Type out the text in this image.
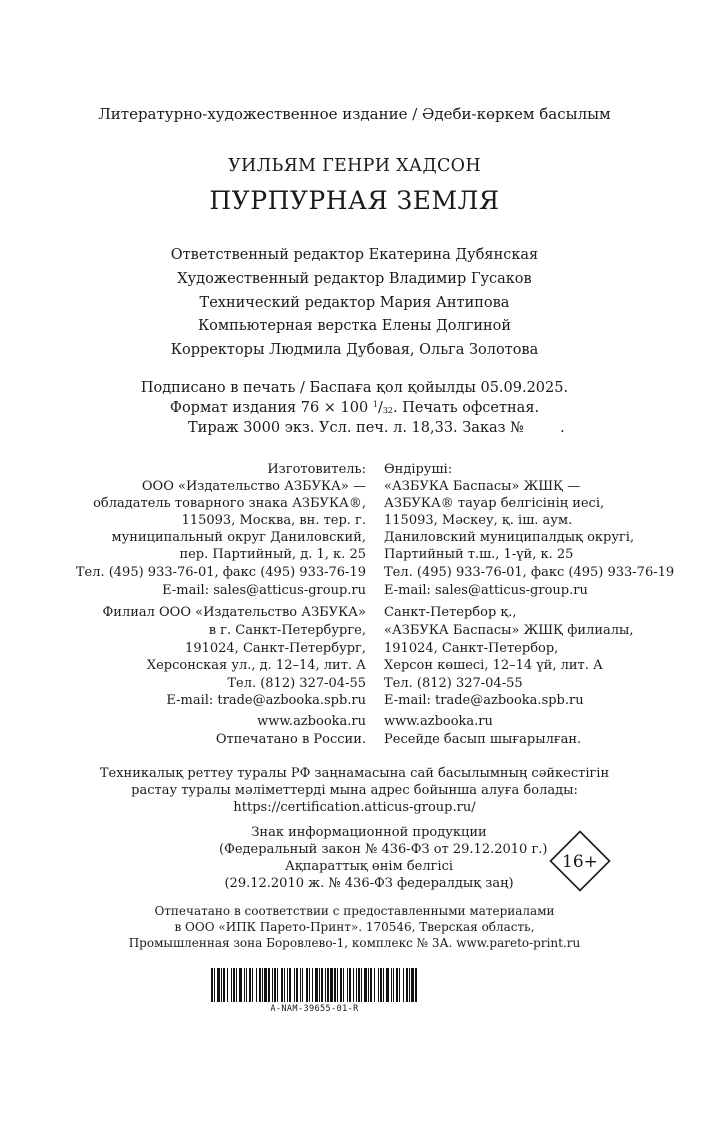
Литературно-художественное издание / Әдеби-көркем басылым
УИЛЬЯМ ГЕНРИ ХАДСОН
ПУРПУРНАЯ ЗЕМЛЯ
Ответственный редактор Екатерина Дубянская
Художественный редактор Владимир Гусаков
Технический редактор Мария Антипова
Компьютерная верстка Елены Долгиной
Корректоры Людмила Дубовая, Ольга Золотова
Подписано в печать / Баспаға қол қойылды 05.09.2025.
Формат издания 76 × 100 $^1/_{32}$. Печать офсетная.
Тираж 3000 экз. Усл. печ. л. 18,33. Заказ № .
Изготовитель:
ООО «Издательство АЗБУКА» —
обладатель товарного знака АЗБУКА®,
115093, Москва, вн. тер. г.
муниципальный округ Даниловский,
пер. Партийный, д. 1, к. 25
Тел. (495) 933-76-01, факс (495) 933-76-19
E-mail: sales@atticus-group.ru
Өндіруші:
«АЗБУКА Баспасы» ЖШҚ —
АЗБУКА® тауар белгісінің иесі,
115093, Мәскеу, қ. іш. аум.
Даниловский муниципалдық округі,
Партийный т.ш., 1-үй, к. 25
Тел. (495) 933-76-01, факс (495) 933-76-19
E-mail: sales@atticus-group.ru
Филиал ООО «Издательство АЗБУКА»
в г. Санкт-Петербурге,
191024, Санкт-Петербург,
Херсонская ул., д. 12–14, лит. А
Тел. (812) 327-04-55
E-mail: trade@azbooka.spb.ru
Санкт-Петербор қ.,
«АЗБУКА Баспасы» ЖШҚ филиалы,
191024, Санкт-Петербор,
Херсон көшесі, 12–14 үй, лит. А
Тел. (812) 327-04-55
E-mail: trade@azbooka.spb.ru
www.azbooka.ru
Отпечатано в России.
www.azbooka.ru
Ресейде басып шығарылған.
Техникалық реттеу туралы РФ заңнамасына сай басылымның сәйкестігін
растау туралы мәліметтерді мына адрес бойынша алуға болады:
https://certification.atticus-group.ru/
Знак информационной продукции
(Федеральный закон № 436-ФЗ от 29.12.2010 г.)
Ақпараттық өнім белгісі
(29.12.2010 ж. № 436-ФЗ федералдық заң)
16+
Отпечатано в соответствии с предоставленными материалами
в ООО «ИПК Парето-Принт». 170546, Тверская область,
Промышленная зона Боровлево-1, комплекс № 3А. www.pareto-print.ru
A-NAM-39655-01-R
